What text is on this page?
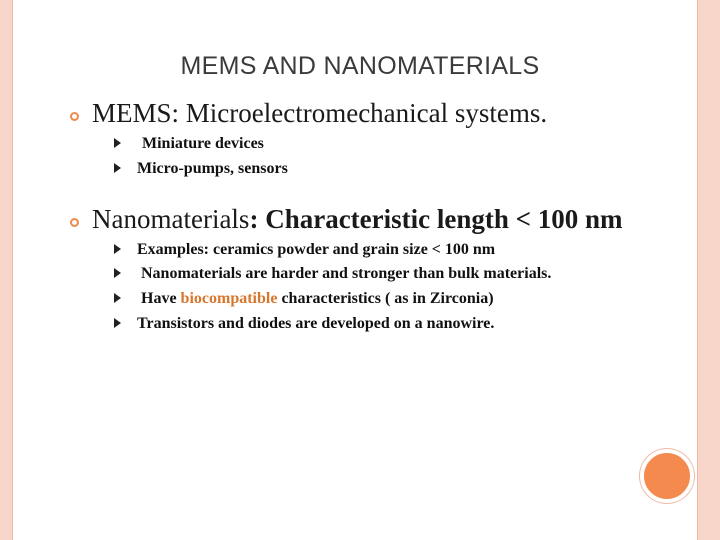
MEMS AND NANOMATERIALS
MEMS: Microelectromechanical systems.
Miniature devices
Micro-pumps, sensors
Nanomaterials: Characteristic length < 100 nm
Examples: ceramics powder and grain size < 100 nm
Nanomaterials are harder and stronger than bulk materials.
Have biocompatible characteristics ( as in Zirconia)
Transistors and diodes are developed on a nanowire.
